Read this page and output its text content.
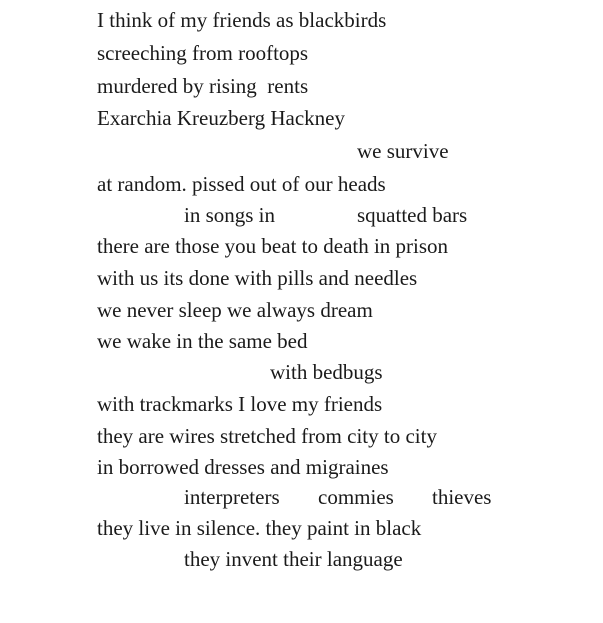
I think of my friends as blackbirds
screeching from rooftops
murdered by rising  rents
Exarchia Kreuzberg Hackney
we survive
at random. pissed out of our heads

in songs in

	squatted bars

there are those you beat to death in prison
with us its done with pills and needles
we never sleep we always dream
we wake in the same bed
with bedbugs
with trackmarks I love my friends
they are wires stretched from city to city
in borrowed dresses and migraines

interpreters

commies

thieves

they live in silence. they paint in black
they invent their language
